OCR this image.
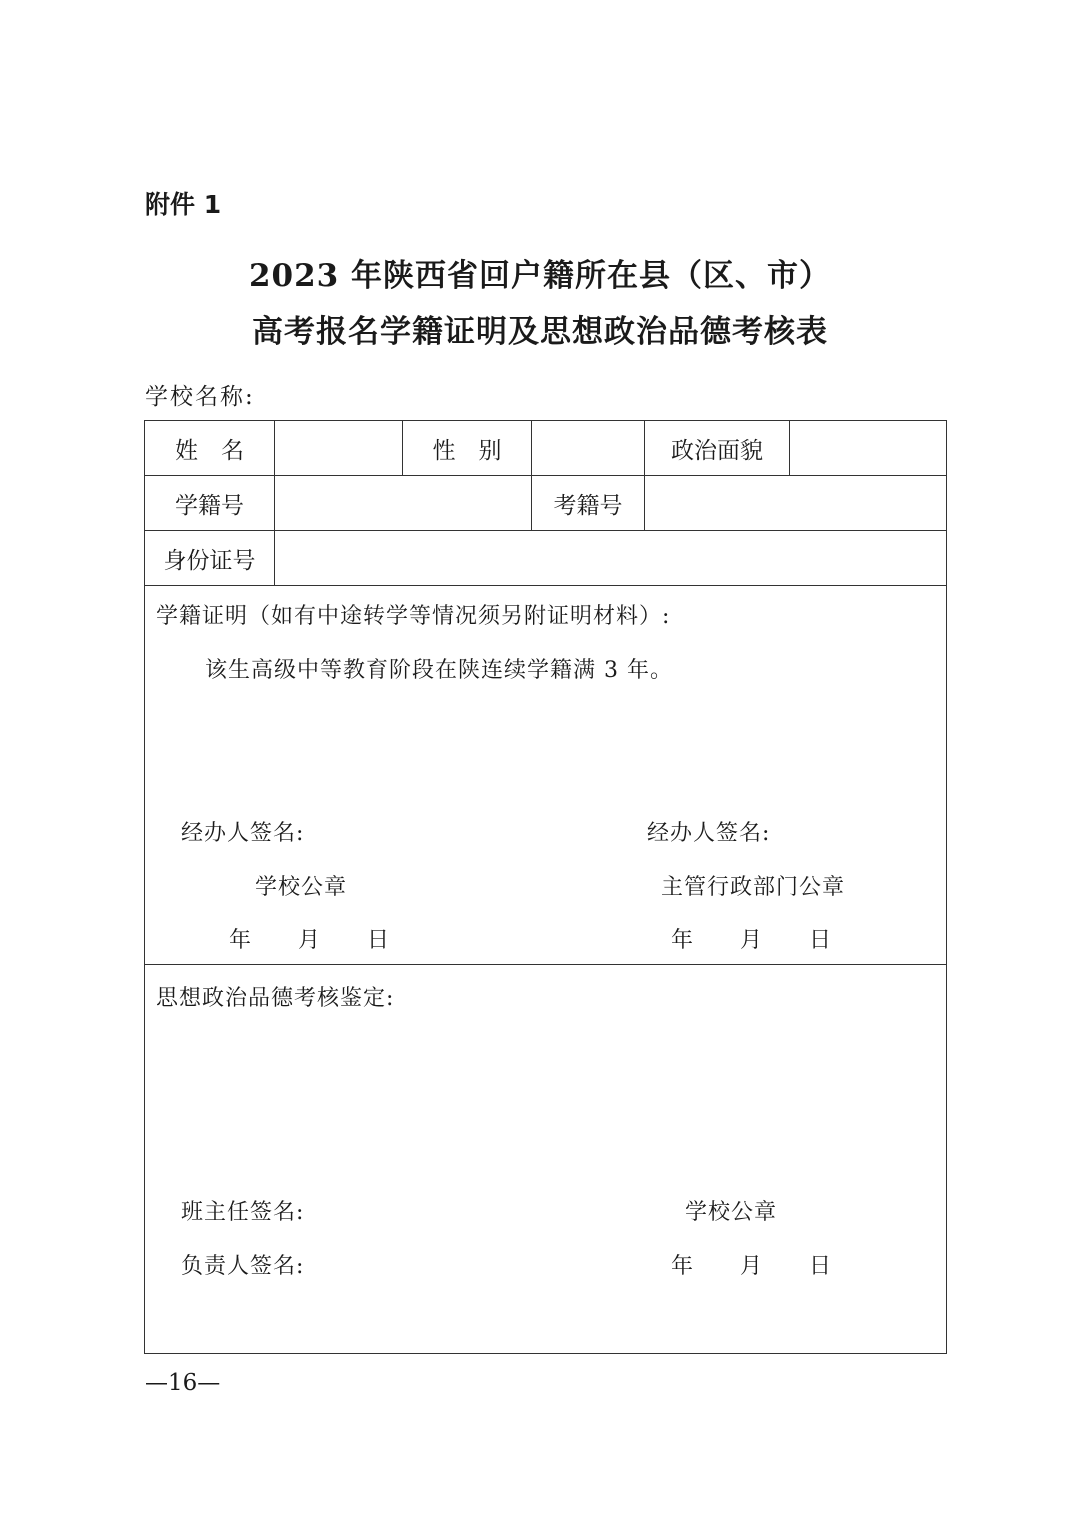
附件 1
2023 年陕西省回户籍所在县（区、市）
高考报名学籍证明及思想政治品德考核表
学校名称:
姓　名	性　别	政治面貌
学籍号	考籍号
身份证号
学籍证明（如有中途转学等情况须另附证明材料）:
该生高级中等教育阶段在陕连续学籍满 3 年。
经办人签名:	经办人签名:
学校公章	主管行政部门公章
年　　月　　日	年　　月　　日
思想政治品德考核鉴定:
班主任签名:	学校公章
负责人签名:	年　　月　　日
—16—
